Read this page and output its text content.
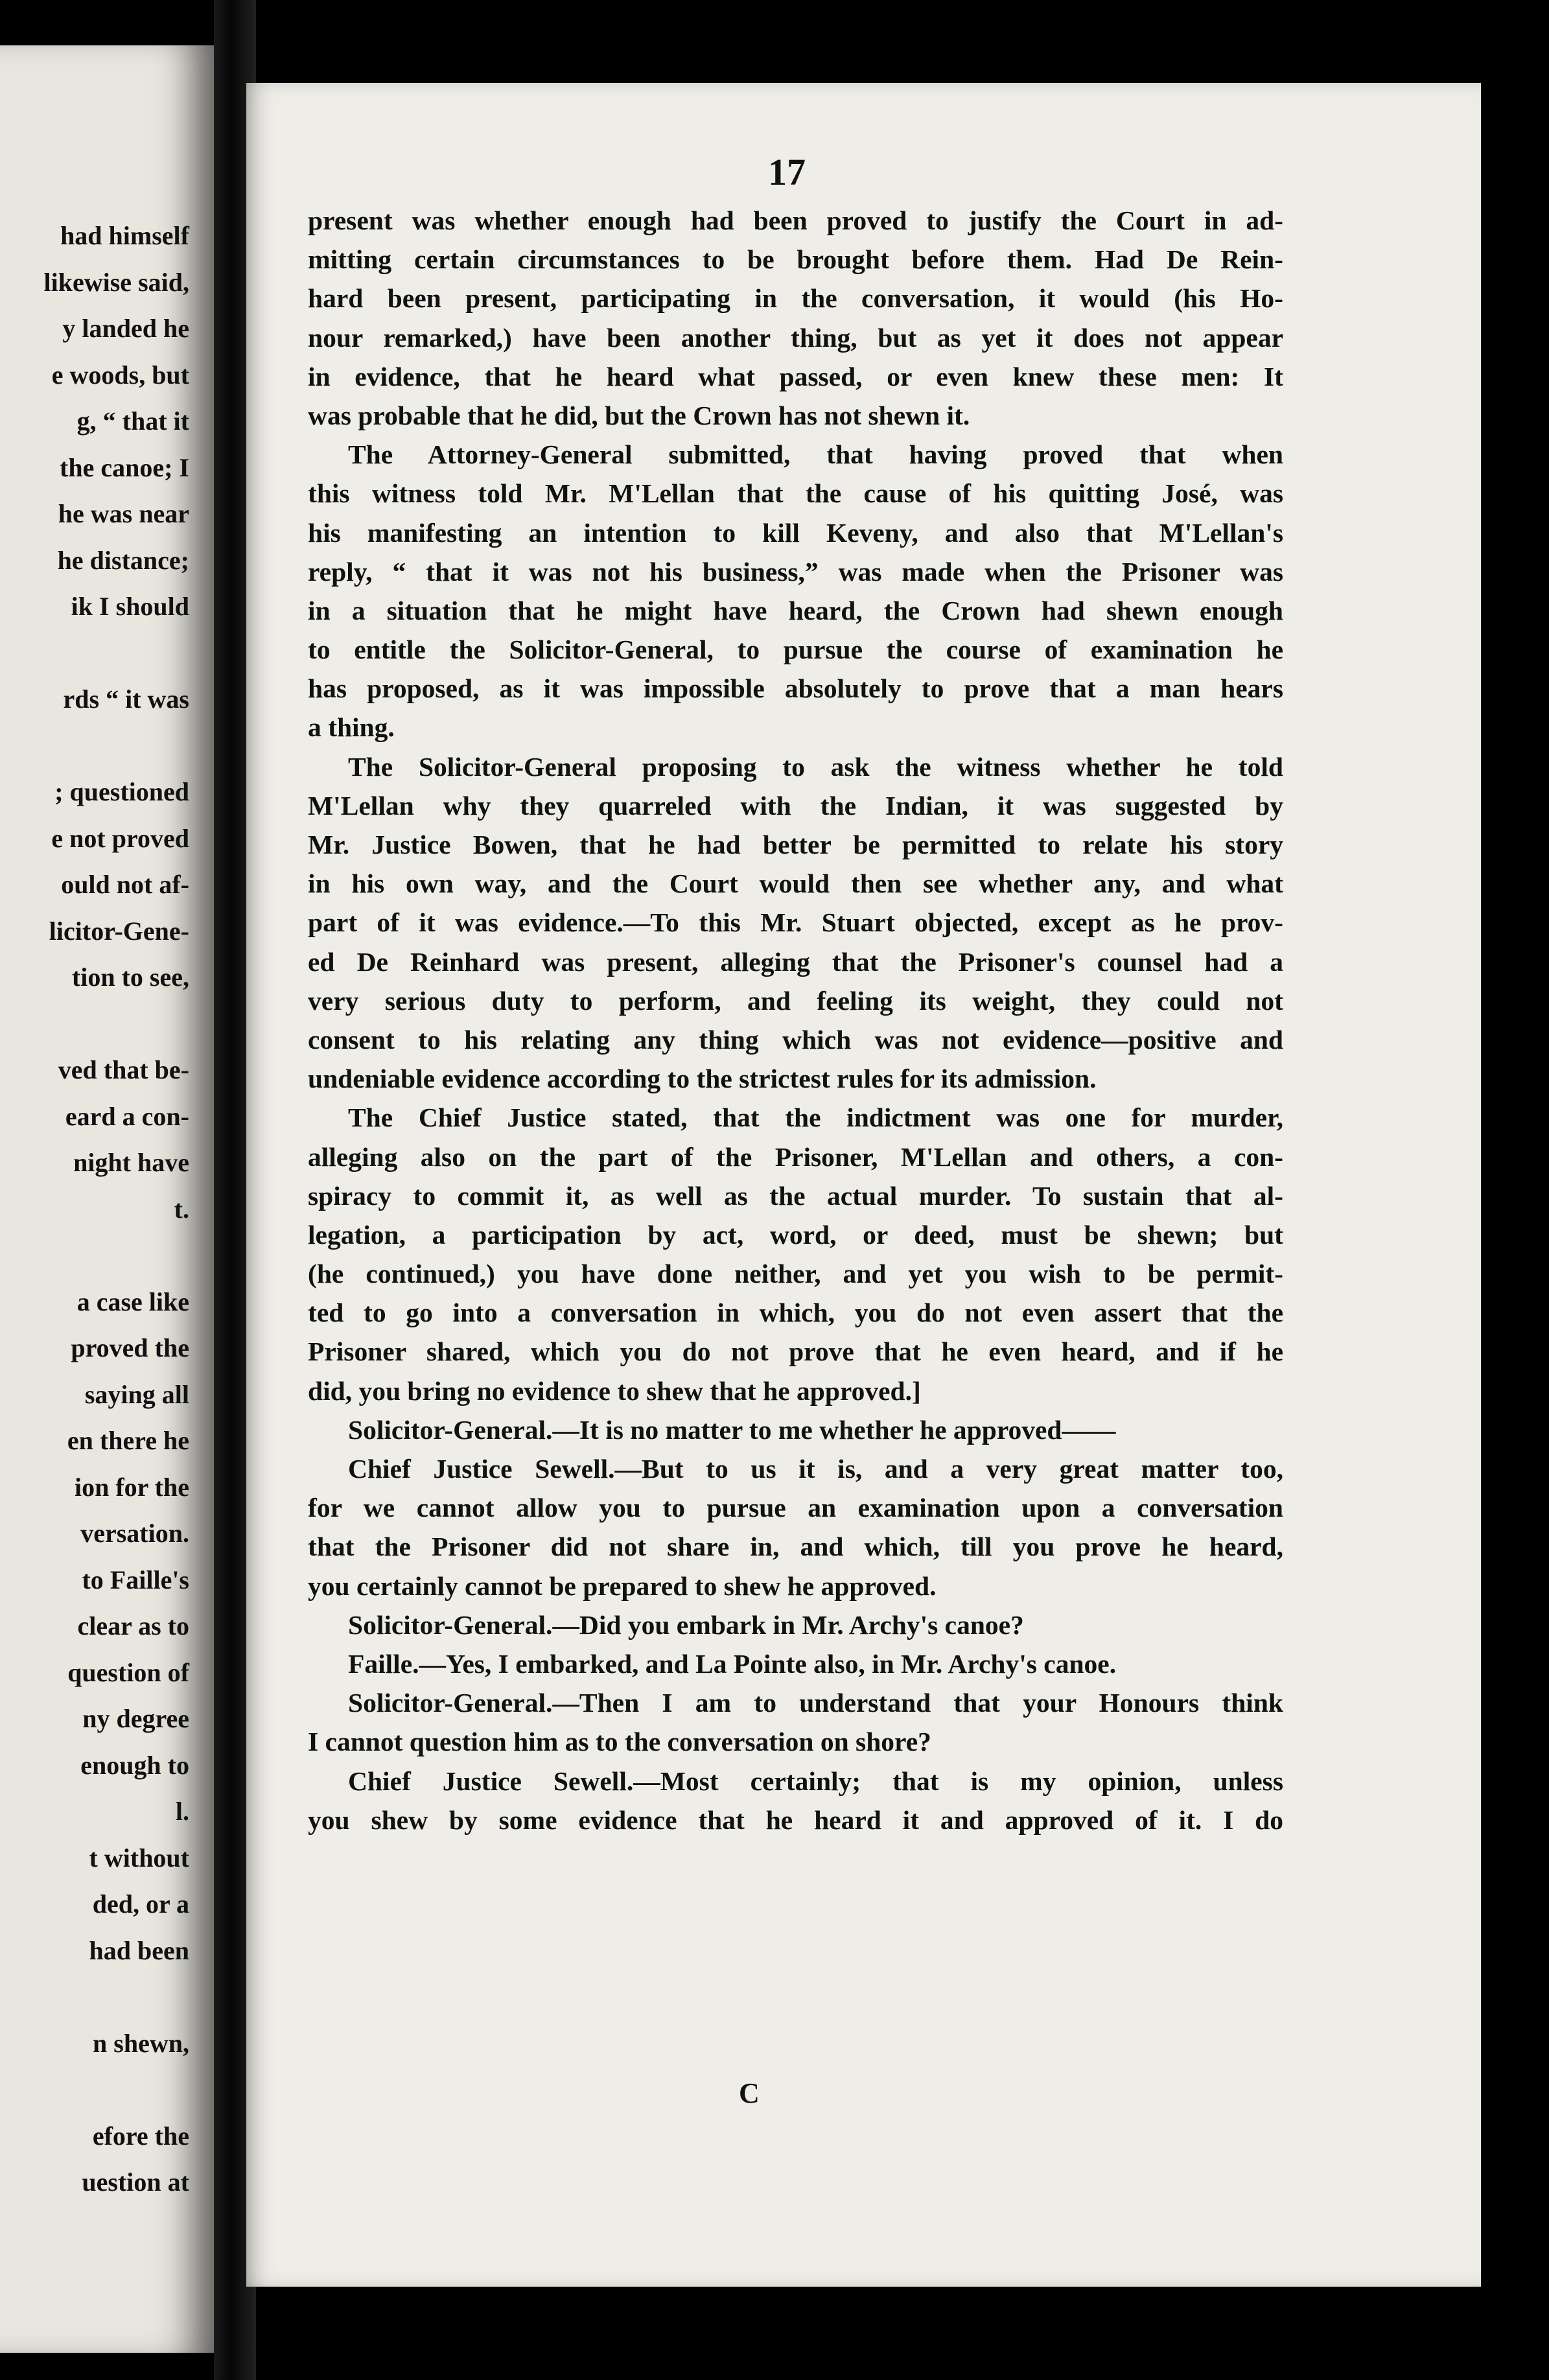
had himself
likewise said,
y landed he
e woods, but
g, “ that it
the canoe; I
he was near
he distance;
ik I should
rds “ it was
; questioned
e not proved
ould not af-
licitor-Gene-
tion to see,
ved that be-
eard a con-
night have
t.
a case like
proved the
saying all
en there he
ion for the
versation.
to Faille's
clear as to
question of
ny degree
enough to
l.
t without
ded, or a
had been
n shewn,
efore the
uestion at
17
present was whether enough had been proved to justify the Court in ad-
mitting certain circumstances to be brought before them. Had De Rein-
hard been present, participating in the conversation, it would (his Ho-
nour remarked,) have been another thing, but as yet it does not appear
in evidence, that he heard what passed, or even knew these men: It
was probable that he did, but the Crown has not shewn it.
The Attorney-General submitted, that having proved that when
this witness told Mr. M'Lellan that the cause of his quitting José, was
his manifesting an intention to kill Keveny, and also that M'Lellan's
reply, “ that it was not his business,” was made when the Prisoner was
in a situation that he might have heard, the Crown had shewn enough
to entitle the Solicitor-General, to pursue the course of examination he
has proposed, as it was impossible absolutely to prove that a man hears
a thing.
The Solicitor-General proposing to ask the witness whether he told
M'Lellan why they quarreled with the Indian, it was suggested by
Mr. Justice Bowen, that he had better be permitted to relate his story
in his own way, and the Court would then see whether any, and what
part of it was evidence.—To this Mr. Stuart objected, except as he prov-
ed De Reinhard was present, alleging that the Prisoner's counsel had a
very serious duty to perform, and feeling its weight, they could not
consent to his relating any thing which was not evidence—positive and
undeniable evidence according to the strictest rules for its admission.
The Chief Justice stated, that the indictment was one for murder,
alleging also on the part of the Prisoner, M'Lellan and others, a con-
spiracy to commit it, as well as the actual murder. To sustain that al-
legation, a participation by act, word, or deed, must be shewn; but
(he continued,) you have done neither, and yet you wish to be permit-
ted to go into a conversation in which, you do not even assert that the
Prisoner shared, which you do not prove that he even heard, and if he
did, you bring no evidence to shew that he approved.]
Solicitor-General.—It is no matter to me whether he approved——
Chief Justice Sewell.—But to us it is, and a very great matter too,
for we cannot allow you to pursue an examination upon a conversation
that the Prisoner did not share in, and which, till you prove he heard,
you certainly cannot be prepared to shew he approved.
Solicitor-General.—Did you embark in Mr. Archy's canoe?
Faille.—Yes, I embarked, and La Pointe also, in Mr. Archy's canoe.
Solicitor-General.—Then I am to understand that your Honours think
I cannot question him as to the conversation on shore?
Chief Justice Sewell.—Most certainly; that is my opinion, unless
you shew by some evidence that he heard it and approved of it. I do
C
